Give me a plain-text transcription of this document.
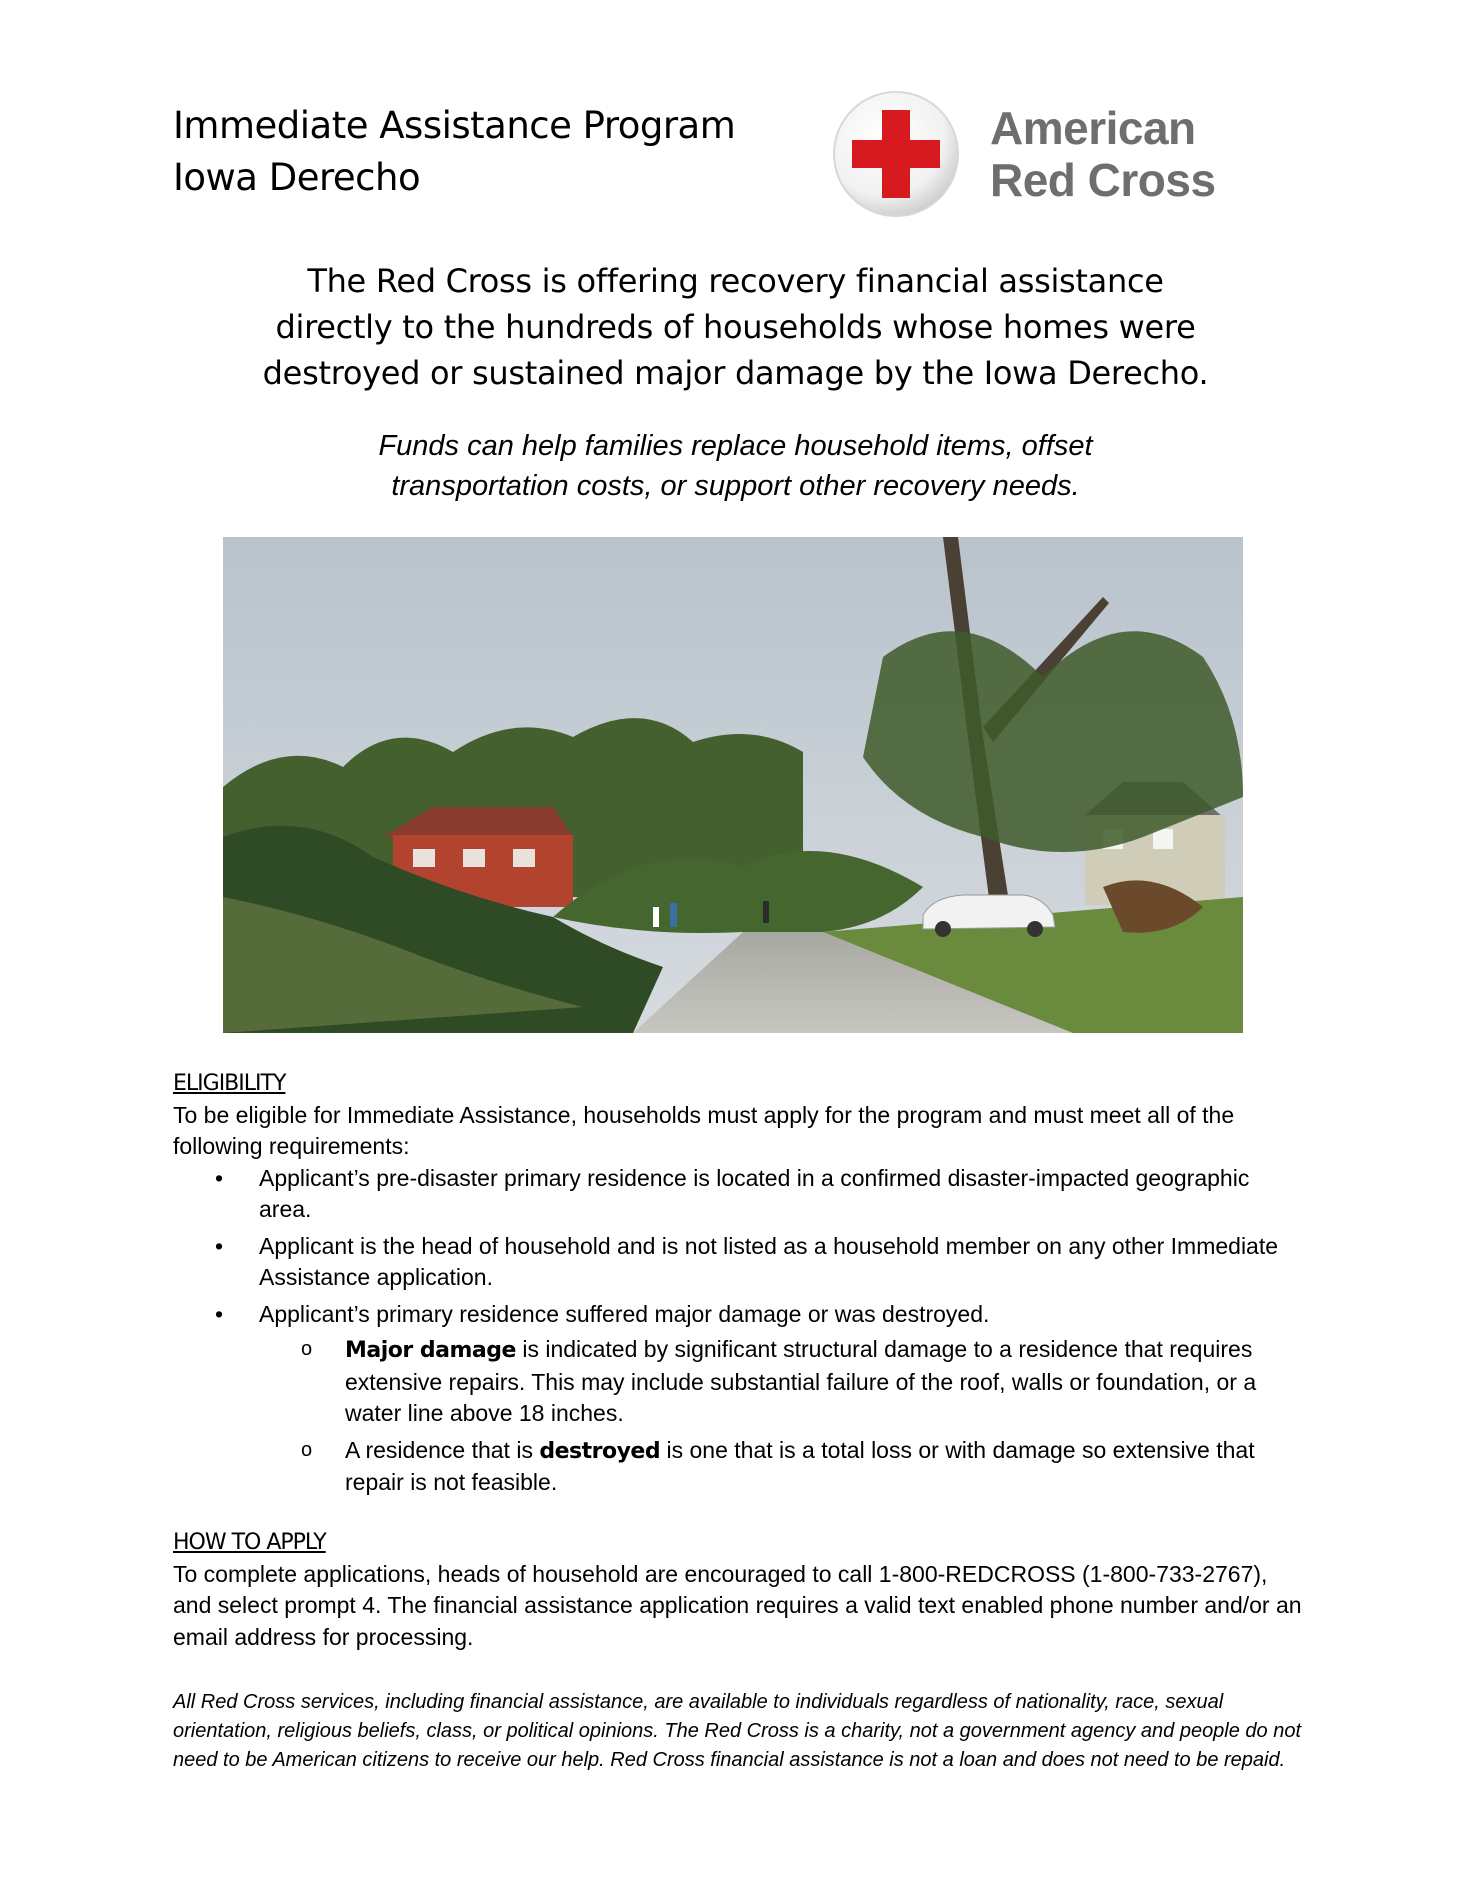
Immediate Assistance Program
Iowa Derecho
American
Red Cross
The Red Cross is offering recovery financial assistance
directly to the hundreds of households whose homes were
destroyed or sustained major damage by the Iowa Derecho.
Funds can help families replace household items, offset
transportation costs, or support other recovery needs.
ELIGIBILITY
To be eligible for Immediate Assistance, households must apply for the program and must meet all of the following requirements:
• Applicant’s pre-disaster primary residence is located in a confirmed disaster-impacted geographic area.
• Applicant is the head of household and is not listed as a household member on any other Immediate Assistance application.
• Applicant’s primary residence suffered major damage or was destroyed.
o Major damage is indicated by significant structural damage to a residence that requires extensive repairs. This may include substantial failure of the roof, walls or foundation, or a water line above 18 inches.
o A residence that is destroyed is one that is a total loss or with damage so extensive that repair is not feasible.
HOW TO APPLY
To complete applications, heads of household are encouraged to call 1-800-REDCROSS (1-800-733-2767), and select prompt 4. The financial assistance application requires a valid text enabled phone number and/or an email address for processing.
All Red Cross services, including financial assistance, are available to individuals regardless of nationality, race, sexual orientation, religious beliefs, class, or political opinions. The Red Cross is a charity, not a government agency and people do not need to be American citizens to receive our help. Red Cross financial assistance is not a loan and does not need to be repaid.
